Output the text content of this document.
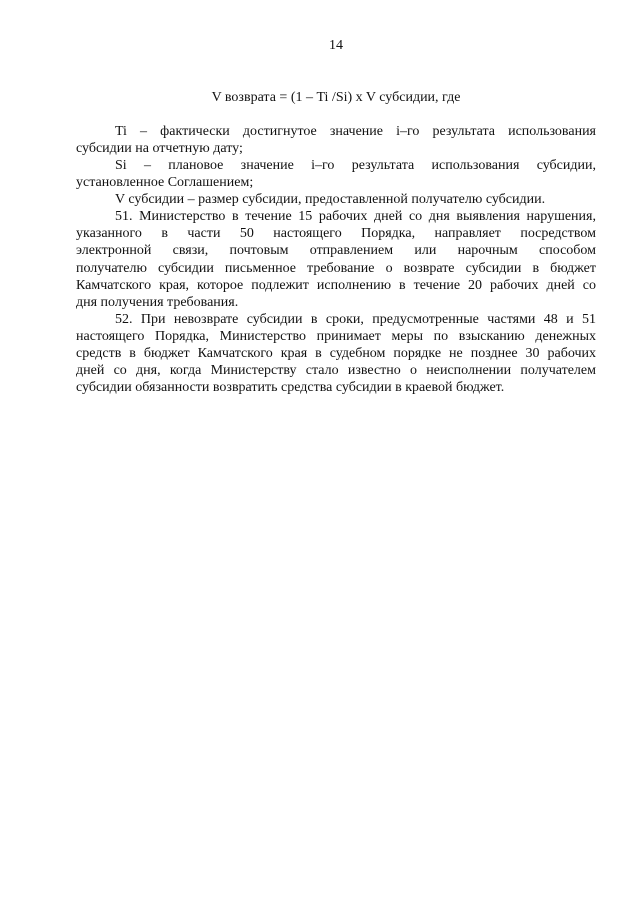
14
V возврата = (1 – Ti /Si) x V субсидии, где
Ti – фактически достигнутое значение i–го результата использования
субсидии на отчетную дату;
Si – плановое значение i–го результата использования субсидии,
установленное Соглашением;
V субсидии – размер субсидии, предоставленной получателю субсидии.
51. Министерство в течение 15 рабочих дней со дня выявления нарушения,
указанного в части 50 настоящего Порядка, направляет посредством
электронной связи, почтовым отправлением или нарочным способом
получателю субсидии письменное требование о возврате субсидии в бюджет
Камчатского края, которое подлежит исполнению в течение 20 рабочих дней со
дня получения требования.
52. При невозврате субсидии в сроки, предусмотренные частями 48 и 51
настоящего Порядка, Министерство принимает меры по взысканию денежных
средств в бюджет Камчатского края в судебном порядке не позднее 30 рабочих
дней со дня, когда Министерству стало известно о неисполнении получателем
субсидии обязанности возвратить средства субсидии в краевой бюджет.
